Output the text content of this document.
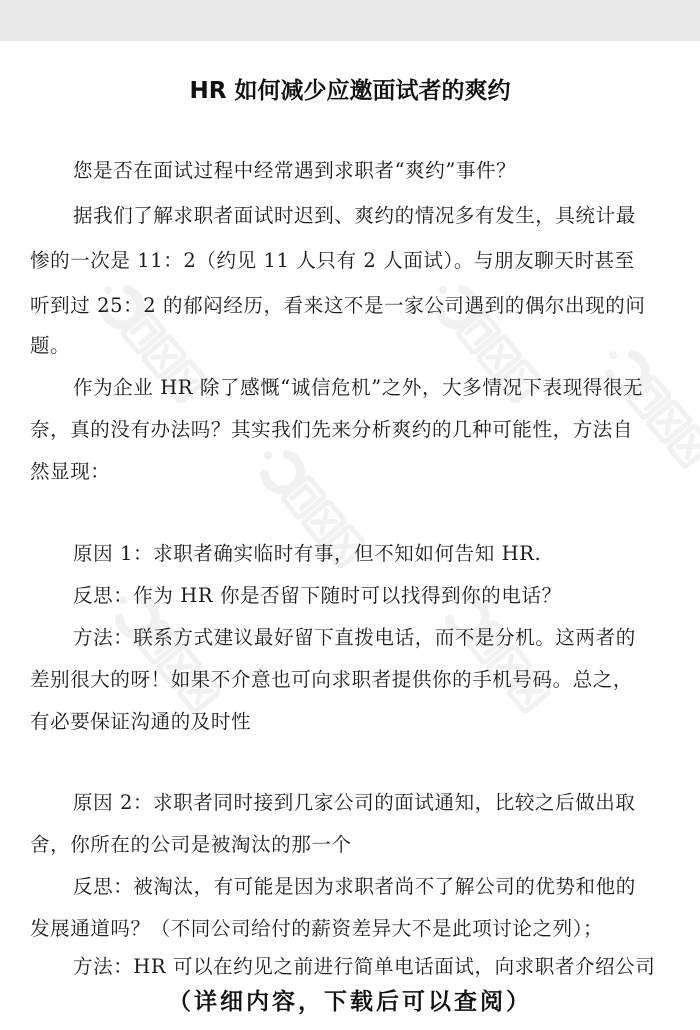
HR 如何减少应邀面试者的爽约
您是否在面试过程中经常遇到求职者“爽约”事件？
据我们了解求职者面试时迟到、爽约的情况多有发生，具统计最
惨的一次是 11：2（约见 11 人只有 2 人面试）。与朋友聊天时甚至
听到过 25：2 的郁闷经历，看来这不是一家公司遇到的偶尔出现的问
题。
作为企业 HR 除了感慨“诚信危机”之外，大多情况下表现得很无
奈，真的没有办法吗？其实我们先来分析爽约的几种可能性，方法自
然显现：
原因 1：求职者确实临时有事，但不知如何告知 HR.
反思：作为 HR 你是否留下随时可以找得到你的电话？
方法：联系方式建议最好留下直拨电话，而不是分机。这两者的
差别很大的呀！如果不介意也可向求职者提供你的手机号码。总之，
有必要保证沟通的及时性
原因 2：求职者同时接到几家公司的面试通知，比较之后做出取
舍，你所在的公司是被淘汰的那一个
反思：被淘汰，有可能是因为求职者尚不了解公司的优势和他的
发展通道吗？（不同公司给付的薪资差异大不是此项讨论之列）；
方法：HR 可以在约见之前进行简单电话面试，向求职者介绍公司
（详细内容，下载后可以查阅）
